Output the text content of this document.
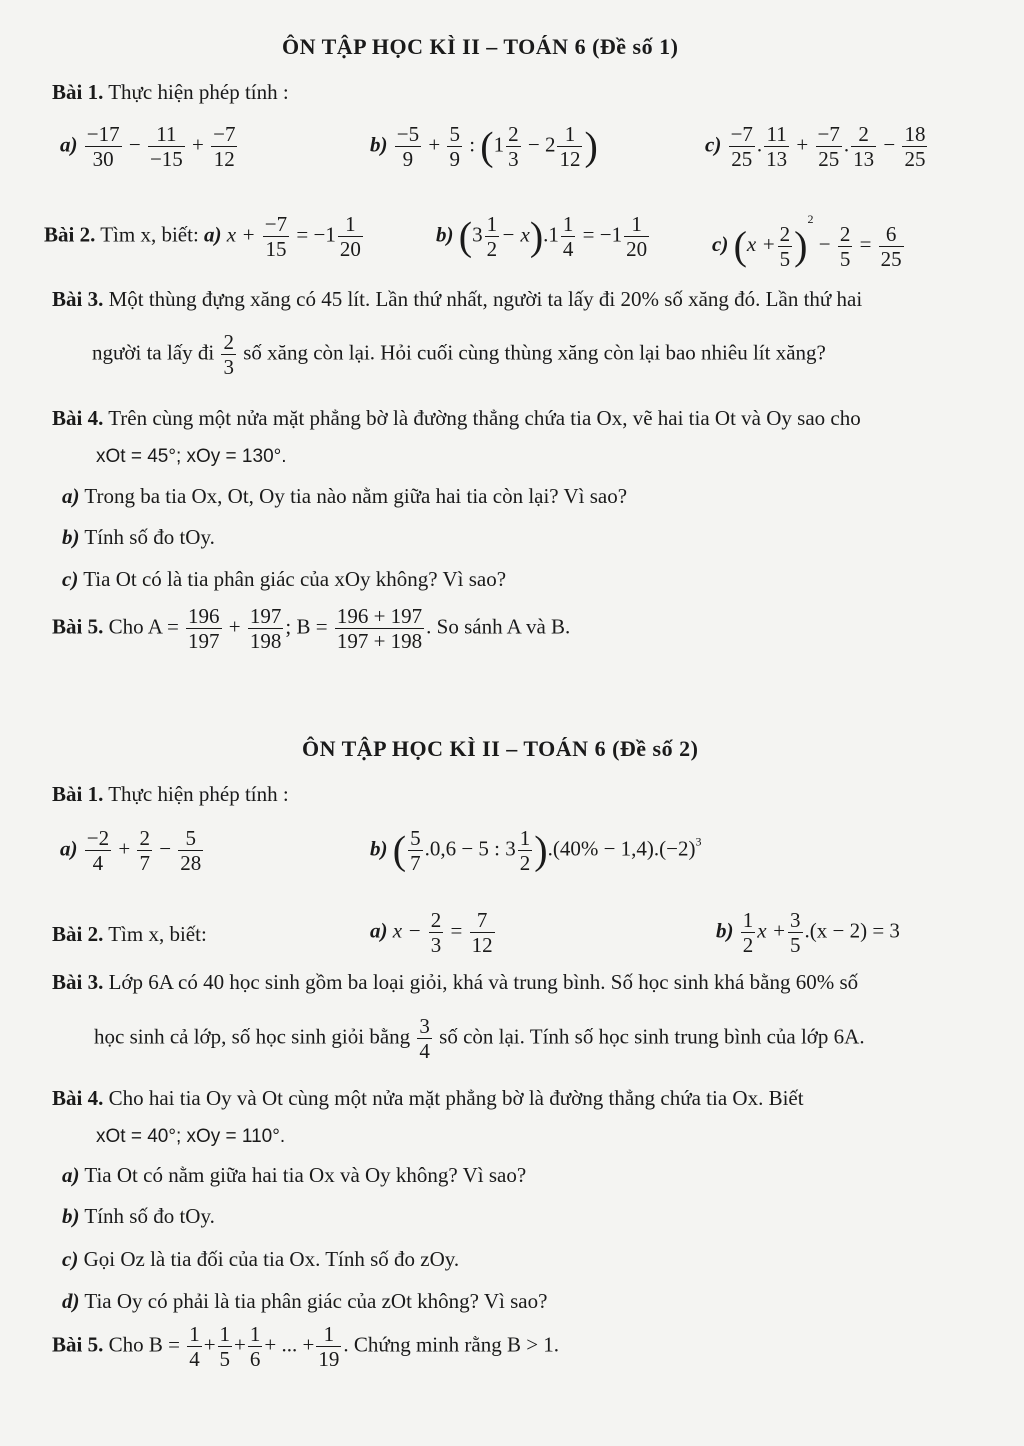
ÔN TẬP HỌC KÌ II – TOÁN 6 (Đề số 1)
Bài 1. Thực hiện phép tính :
$a) \frac{-17}{30} - \frac{11}{-15} + \frac{-7}{12}$	$b) \frac{-5}{9} + \frac{5}{9}$ : ($1 \frac{2}{3} - 2 \frac{1}{12}$ )	$c) \frac{-7}{25}$ . $\frac{11}{13} + \frac{-7}{25}$ . $\frac{2}{13} - \frac{18}{25}$
Bài 2. Tìm x, biết: a) $x + \frac{-7}{15} = -1 \frac{1}{20}$	b) $(3 \frac{1}{2} - x).1 \frac{1}{4} = -1 \frac{1}{20}$	c) $(x + \frac{2}{5} )^2 - \frac{2}{5} = \frac{6}{25}$
Bài 3. Một thùng đựng xăng có 45 lít. Lần thứ nhất, người ta lấy đi 20% số xăng đó. Lần thứ hai
người ta lấy đi $\frac{2}{3}$ số xăng còn lại. Hỏi cuối cùng thùng xăng còn lại bao nhiêu lít xăng?
Bài 4. Trên cùng một nửa mặt phẳng bờ là đường thẳng chứa tia Ox, vẽ hai tia Ot và Oy sao cho
xOt = 45°; xOy = 130°.
a) Trong ba tia Ox, Ot, Oy tia nào nằm giữa hai tia còn lại? Vì sao?
b) Tính số đo tOy.
c) Tia Ot có là tia phân giác của xOy không? Vì sao?
Bài 5. Cho $A = \frac{196}{197} + \frac{197}{198}$ ; $B = \frac{196 + 197}{197 + 198}$ . So sánh A và B.
ÔN TẬP HỌC KÌ II – TOÁN 6 (Đề số 2)
Bài 1. Thực hiện phép tính :
$a) \frac{-2}{4} + \frac{2}{7} - \frac{5}{28}$	b) ( $\frac{5}{7} .0,6 - 5$ : $3 \frac{1}{2} ).(40\% - 1,4).(-2)^3$
Bài 2. Tìm x, biết:	a) $x - \frac{2}{3} = \frac{7}{12}$	$b) \frac{1}{2}$ $x + \frac{3}{5} .(x - 2) = 3$
Bài 3. Lớp 6A có 40 học sinh gồm ba loại giỏi, khá và trung bình. Số học sinh khá bằng 60% số
học sinh cả lớp, số học sinh giỏi bằng $\frac{3}{4}$ số còn lại. Tính số học sinh trung bình của lớp 6A.
Bài 4. Cho hai tia Oy và Ot cùng một nửa mặt phẳng bờ là đường thẳng chứa tia Ox. Biết
xOt = 40°; xOy = 110°.
a) Tia Ot có nằm giữa hai tia Ox và Oy không? Vì sao?
b) Tính số đo tOy.
c) Gọi Oz là tia đối của tia Ox. Tính số đo zOy.
d) Tia Oy có phải là tia phân giác của zOt không? Vì sao?
Bài 5. Cho $B = \frac{1}{4} + \frac{1}{5} + \frac{1}{6}$ + ... + $\frac{1}{19}$ . Chứng minh rằng B > 1.
